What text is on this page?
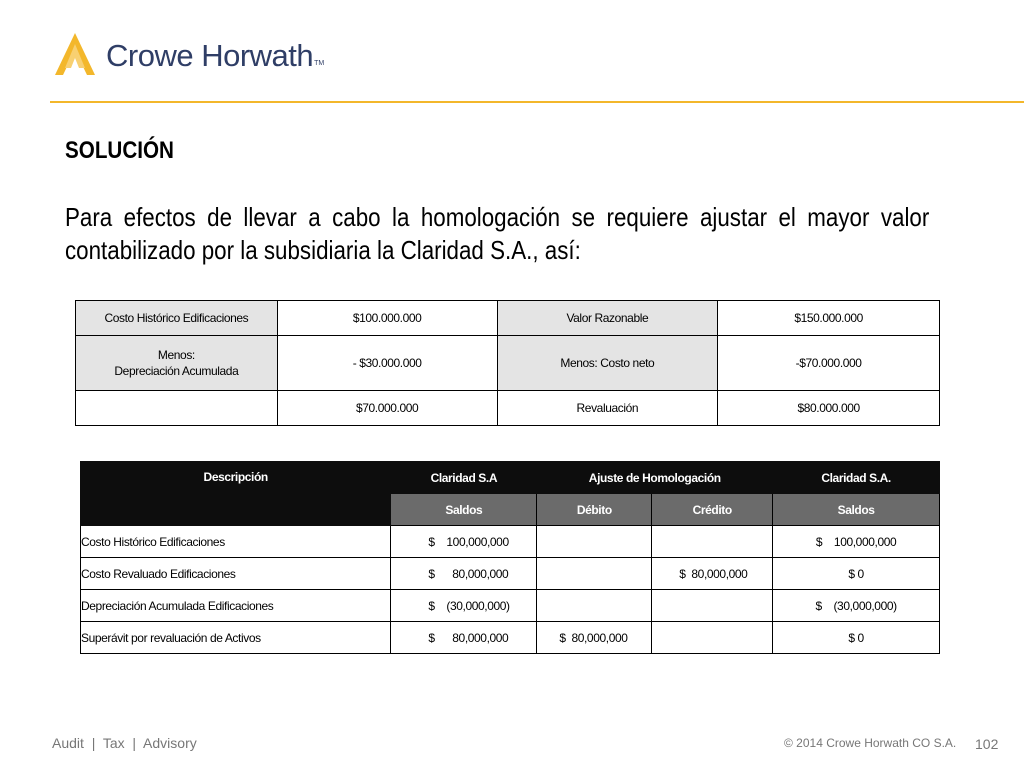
Crowe Horwath TM
SOLUCIÓN
Para efectos de llevar a cabo la homologación se requiere ajustar el mayor valor contabilizado por la subsidiaria la Claridad S.A., así:
Costo Histórico Edificaciones	$100.000.000	Valor Razonable	$150.000.000

Menos:
Depreciación Acumulada	- $30.000.000	Menos: Costo neto	-$70.000.000
	$70.000.000	Revaluación	$80.000.000
Descripción	Claridad S.A	Ajuste de Homologación		Claridad S.A.
	Saldos	Débito	Crédito	Saldos
Costo Histórico Edificaciones	$    100,000,000			$    100,000,000
Costo Revaluado Edificaciones	$      80,000,000		$  80,000,000	$ 0
Depreciación Acumulada Edificaciones	$    (30,000,000)			$    (30,000,000)
Superávit por revaluación de Activos	$      80,000,000	$  80,000,000		$ 0
Audit  |  Tax  |  Advisory	© 2014 Crowe Horwath CO S.A. 102
